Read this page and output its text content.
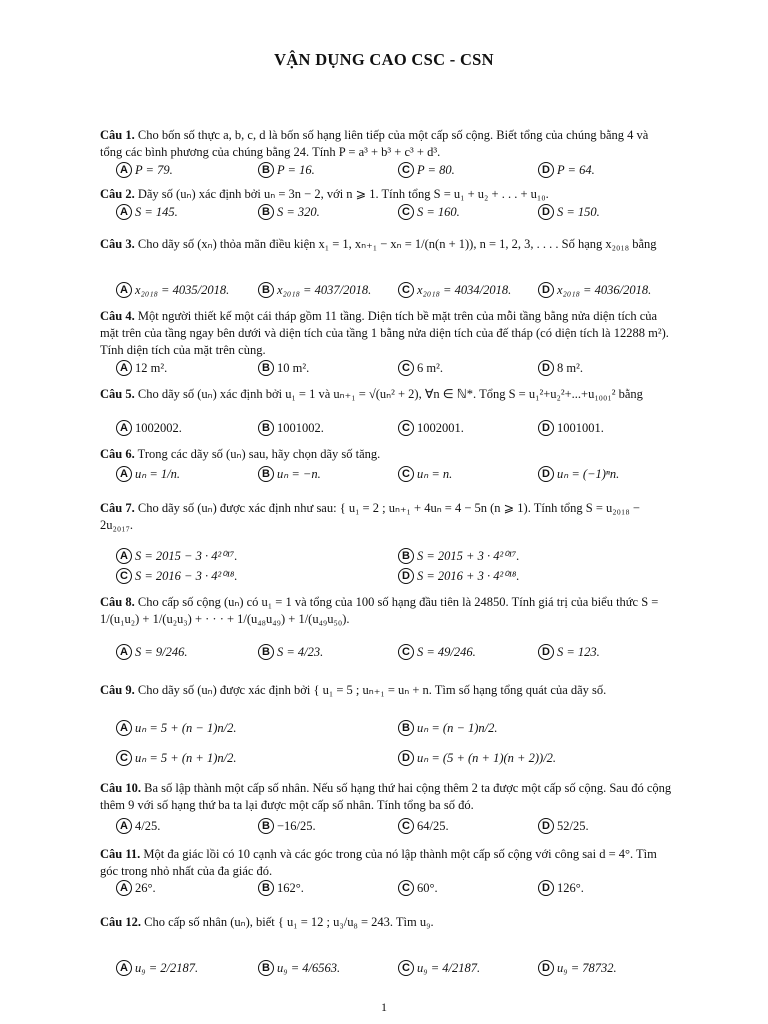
VẬN DỤNG CAO CSC - CSN
Câu 1. Cho bốn số thực a, b, c, d là bốn số hạng liên tiếp của một cấp số cộng. Biết tổng của chúng bằng 4 và tổng các bình phương của chúng bằng 24. Tính P = a³ + b³ + c³ + d³.
A P = 79.	B P = 16.	C P = 80.	D P = 64.
Câu 2. Dãy số (uₙ) xác định bởi uₙ = 3n − 2, với n ⩾ 1. Tính tổng S = u₁ + u₂ + . . . + u₁₀.
A S = 145.	B S = 320.	C S = 160.	D S = 150.
Câu 3. Cho dãy số (xₙ) thỏa mãn điều kiện x₁ = 1, xₙ₊₁ − xₙ = 1/(n(n + 1)), n = 1, 2, 3, . . . . Số hạng x₂₀₁₈ bằng
A x₂₀₁₈ = 4035/2018.	B x₂₀₁₈ = 4037/2018.	C x₂₀₁₈ = 4034/2018.	D x₂₀₁₈ = 4036/2018.
Câu 4. Một người thiết kế một cái tháp gồm 11 tầng. Diện tích bề mặt trên của mỗi tầng bằng nửa diện tích của mặt trên của tầng ngay bên dưới và diện tích của tầng 1 bằng nửa diện tích của đế tháp (có diện tích là 12288 m²). Tính diện tích của mặt trên cùng.
A 12 m².	B 10 m².	C 6 m².	D 8 m².
Câu 5. Cho dãy số (uₙ) xác định bởi u₁ = 1 và uₙ₊₁ = √(uₙ² + 2), ∀n ∈ ℕ*. Tổng S = u₁²+u₂²+...+u₁₀₀₁² bằng
A 1002002.	B 1001002.	C 1002001.	D 1001001.
Câu 6. Trong các dãy số (uₙ) sau, hãy chọn dãy số tăng.
A uₙ = 1/n.	B uₙ = −n.	C uₙ = n.	D uₙ = (−1)ⁿn.
Câu 7. Cho dãy số (uₙ) được xác định như sau: { u₁ = 2 ; uₙ₊₁ + 4uₙ = 4 − 5n (n ⩾ 1). Tính tổng S = u₂₀₁₈ − 2u₂₀₁₇.
A S = 2015 − 3 · 4²⁰¹⁷.	B S = 2015 + 3 · 4²⁰¹⁷.
C S = 2016 − 3 · 4²⁰¹⁸.	D S = 2016 + 3 · 4²⁰¹⁸.
Câu 8. Cho cấp số cộng (uₙ) có u₁ = 1 và tổng của 100 số hạng đầu tiên là 24850. Tính giá trị của biểu thức S = 1/(u₁u₂) + 1/(u₂u₃) + · · · + 1/(u₄₈u₄₉) + 1/(u₄₉u₅₀).
A S = 9/246.	B S = 4/23.	C S = 49/246.	D S = 123.
Câu 9. Cho dãy số (uₙ) được xác định bởi { u₁ = 5 ; uₙ₊₁ = uₙ + n. Tìm số hạng tổng quát của dãy số.
A uₙ = 5 + (n − 1)n/2.	B uₙ = (n − 1)n/2.
C uₙ = 5 + (n + 1)n/2.	D uₙ = (5 + (n + 1)(n + 2))/2.
Câu 10. Ba số lập thành một cấp số nhân. Nếu số hạng thứ hai cộng thêm 2 ta được một cấp số cộng. Sau đó cộng thêm 9 với số hạng thứ ba ta lại được một cấp số nhân. Tính tổng ba số đó.
A 4/25.	B −16/25.	C 64/25.	D 52/25.
Câu 11. Một đa giác lồi có 10 cạnh và các góc trong của nó lập thành một cấp số cộng với công sai d = 4°. Tìm góc trong nhỏ nhất của đa giác đó.
A 26°.	B 162°.	C 60°.	D 126°.
Câu 12. Cho cấp số nhân (uₙ), biết { u₁ = 12 ; u₃/u₈ = 243. Tìm u₉.
A u₉ = 2/2187.	B u₉ = 4/6563.	C u₉ = 4/2187.	D u₉ = 78732.
1
